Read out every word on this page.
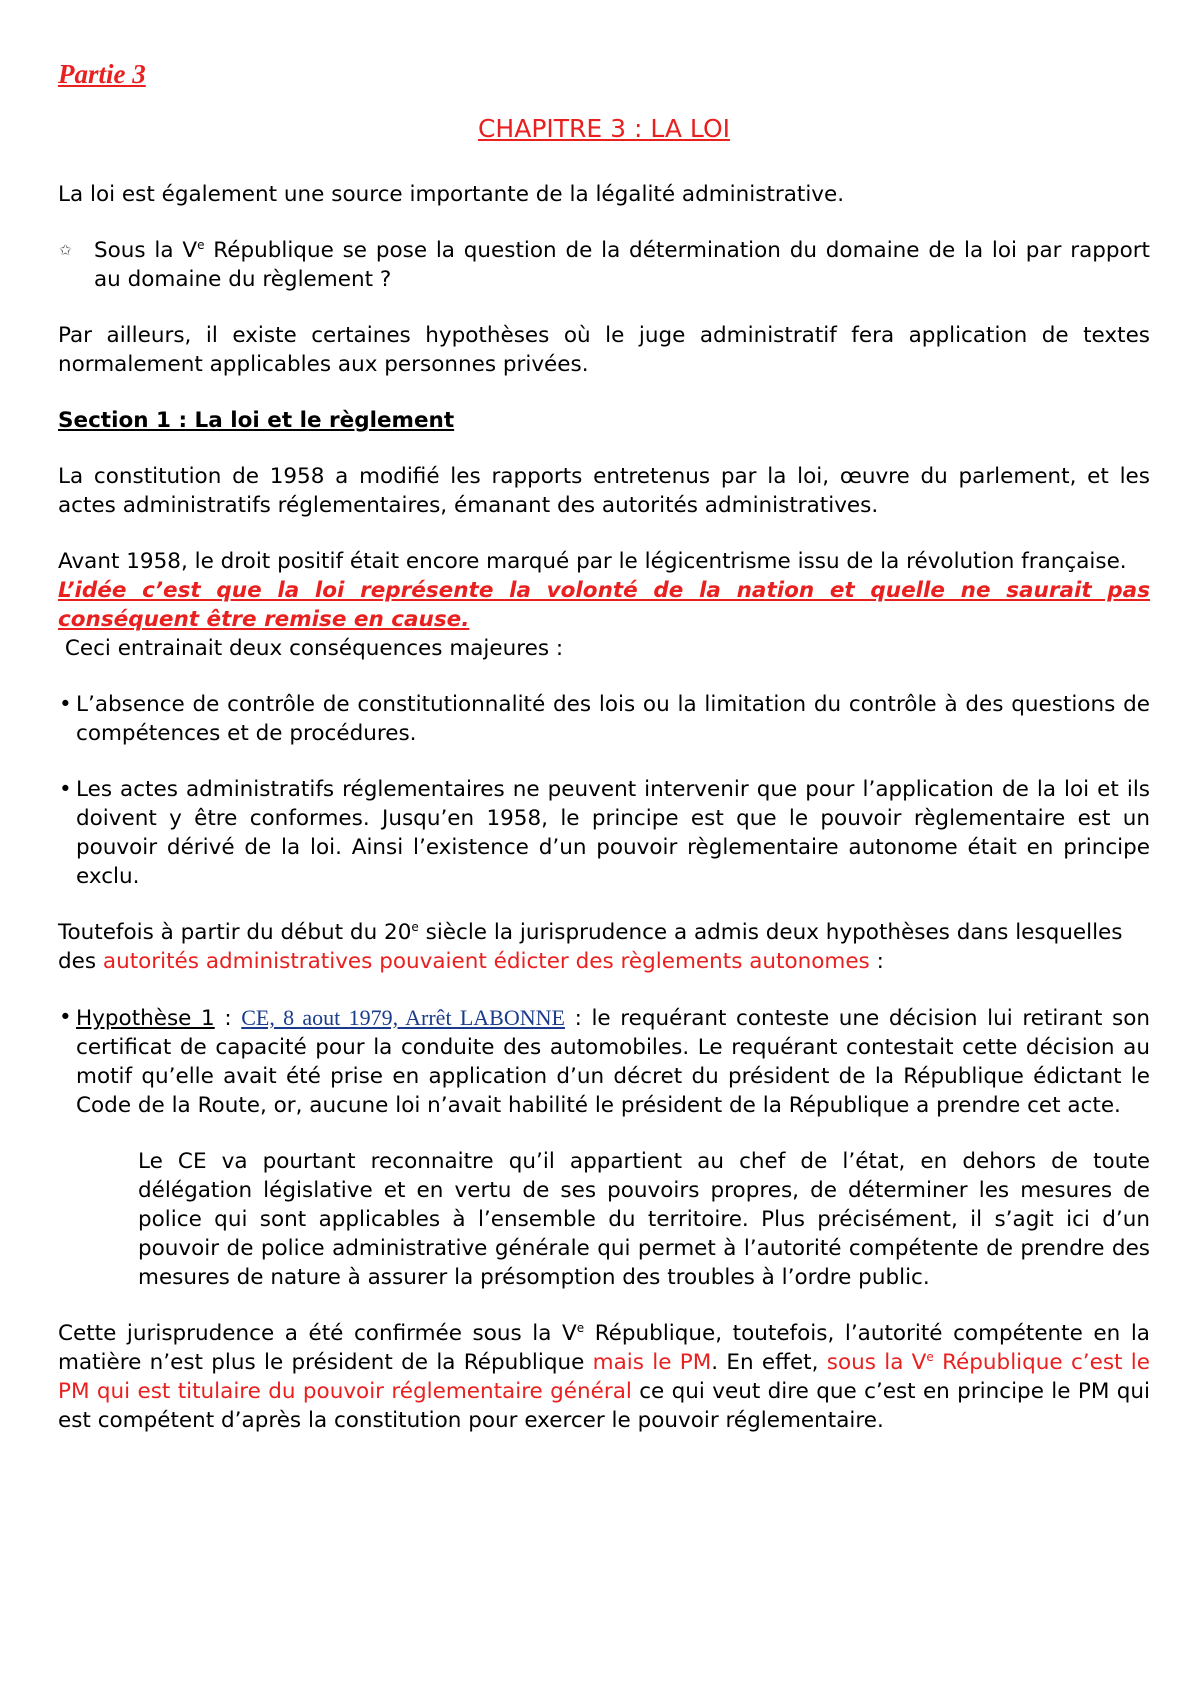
Partie 3
CHAPITRE 3 : LA LOI

La loi est également une source importante de la légalité administrative.

✩ Sous la Ve République se pose la question de la détermination du domaine de la loi par rapport au domaine du règlement ?

Par ailleurs, il existe certaines hypothèses où le juge administratif fera application de textes normalement applicables aux personnes privées.

Section 1 : La loi et le règlement

La constitution de 1958 a modifié les rapports entretenus par la loi, œuvre du parlement, et les actes administratifs réglementaires, émanant des autorités administratives.

Avant 1958, le droit positif était encore marqué par le légicentrisme issu de la révolution française.

L’idée c’est que la loi représente la volonté de la nation et quelle ne saurait pas conséquent être remise en cause.

Ceci entrainait deux conséquences majeures :

• L’absence de contrôle de constitutionnalité des lois ou la limitation du contrôle à des questions de compétences et de procédures.

• Les actes administratifs réglementaires ne peuvent intervenir que pour l’application de la loi et ils doivent y être conformes. Jusqu’en 1958, le principe est que le pouvoir règlementaire est un pouvoir dérivé de la loi. Ainsi l’existence d’un pouvoir règlementaire autonome était en principe exclu.

Toutefois à partir du début du 20e siècle la jurisprudence a admis deux hypothèses dans lesquelles des autorités administratives pouvaient édicter des règlements autonomes :

• Hypothèse 1 : CE, 8 aout 1979, Arrêt LABONNE : le requérant conteste une décision lui retirant son certificat de capacité pour la conduite des automobiles. Le requérant contestait cette décision au motif qu’elle avait été prise en application d’un décret du président de la République édictant le Code de la Route, or, aucune loi n’avait habilité le président de la République a prendre cet acte.

Le CE va pourtant reconnaitre qu’il appartient au chef de l’état, en dehors de toute délégation législative et en vertu de ses pouvoirs propres, de déterminer les mesures de police qui sont applicables à l’ensemble du territoire. Plus précisément, il s’agit ici d’un pouvoir de police administrative générale qui permet à l’autorité compétente de prendre des mesures de nature à assurer la présomption des troubles à l’ordre public.

Cette jurisprudence a été confirmée sous la Ve République, toutefois, l’autorité compétente en la matière n’est plus le président de la République mais le PM. En effet, sous la Ve République c’est le PM qui est titulaire du pouvoir réglementaire général ce qui veut dire que c’est en principe le PM qui est compétent d’après la constitution pour exercer le pouvoir réglementaire.
